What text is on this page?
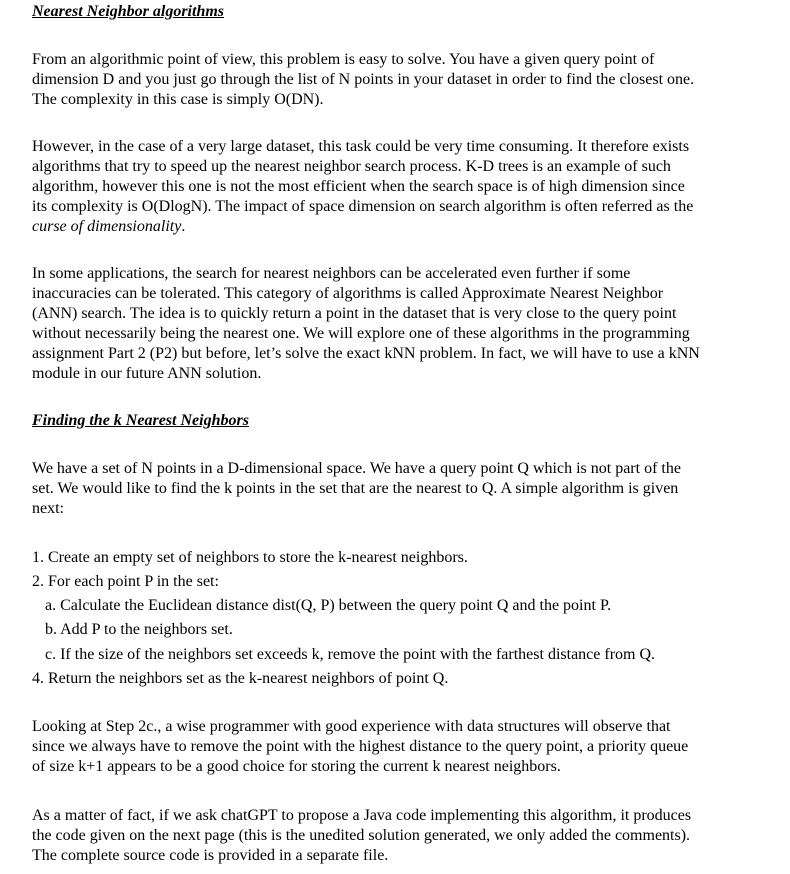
Nearest Neighbor algorithms

From an algorithmic point of view, this problem is easy to solve. You have a given query point of
dimension D and you just go through the list of N points in your dataset in order to find the closest one.
The complexity in this case is simply O(DN).

However, in the case of a very large dataset, this task could be very time consuming. It therefore exists
algorithms that try to speed up the nearest neighbor search process. K-D trees is an example of such
algorithm, however this one is not the most efficient when the search space is of high dimension since
its complexity is O(DlogN). The impact of space dimension on search algorithm is often referred as the
curse of dimensionality.

In some applications, the search for nearest neighbors can be accelerated even further if some
inaccuracies can be tolerated. This category of algorithms is called Approximate Nearest Neighbor
(ANN) search. The idea is to quickly return a point in the dataset that is very close to the query point
without necessarily being the nearest one. We will explore one of these algorithms in the programming
assignment Part 2 (P2) but before, let’s solve the exact kNN problem. In fact, we will have to use a kNN
module in our future ANN solution.

Finding the k Nearest Neighbors

We have a set of N points in a D-dimensional space. We have a query point Q which is not part of the
set. We would like to find the k points in the set that are the nearest to Q. A simple algorithm is given
next:

1. Create an empty set of neighbors to store the k-nearest neighbors.
2. For each point P in the set:
a. Calculate the Euclidean distance dist(Q, P) between the query point Q and the point P.
b. Add P to the neighbors set.
c. If the size of the neighbors set exceeds k, remove the point with the farthest distance from Q.
4. Return the neighbors set as the k-nearest neighbors of point Q.

Looking at Step 2c., a wise programmer with good experience with data structures will observe that
since we always have to remove the point with the highest distance to the query point, a priority queue
of size k+1 appears to be a good choice for storing the current k nearest neighbors.

As a matter of fact, if we ask chatGPT to propose a Java code implementing this algorithm, it produces
the code given on the next page (this is the unedited solution generated, we only added the comments).
The complete source code is provided in a separate file.
